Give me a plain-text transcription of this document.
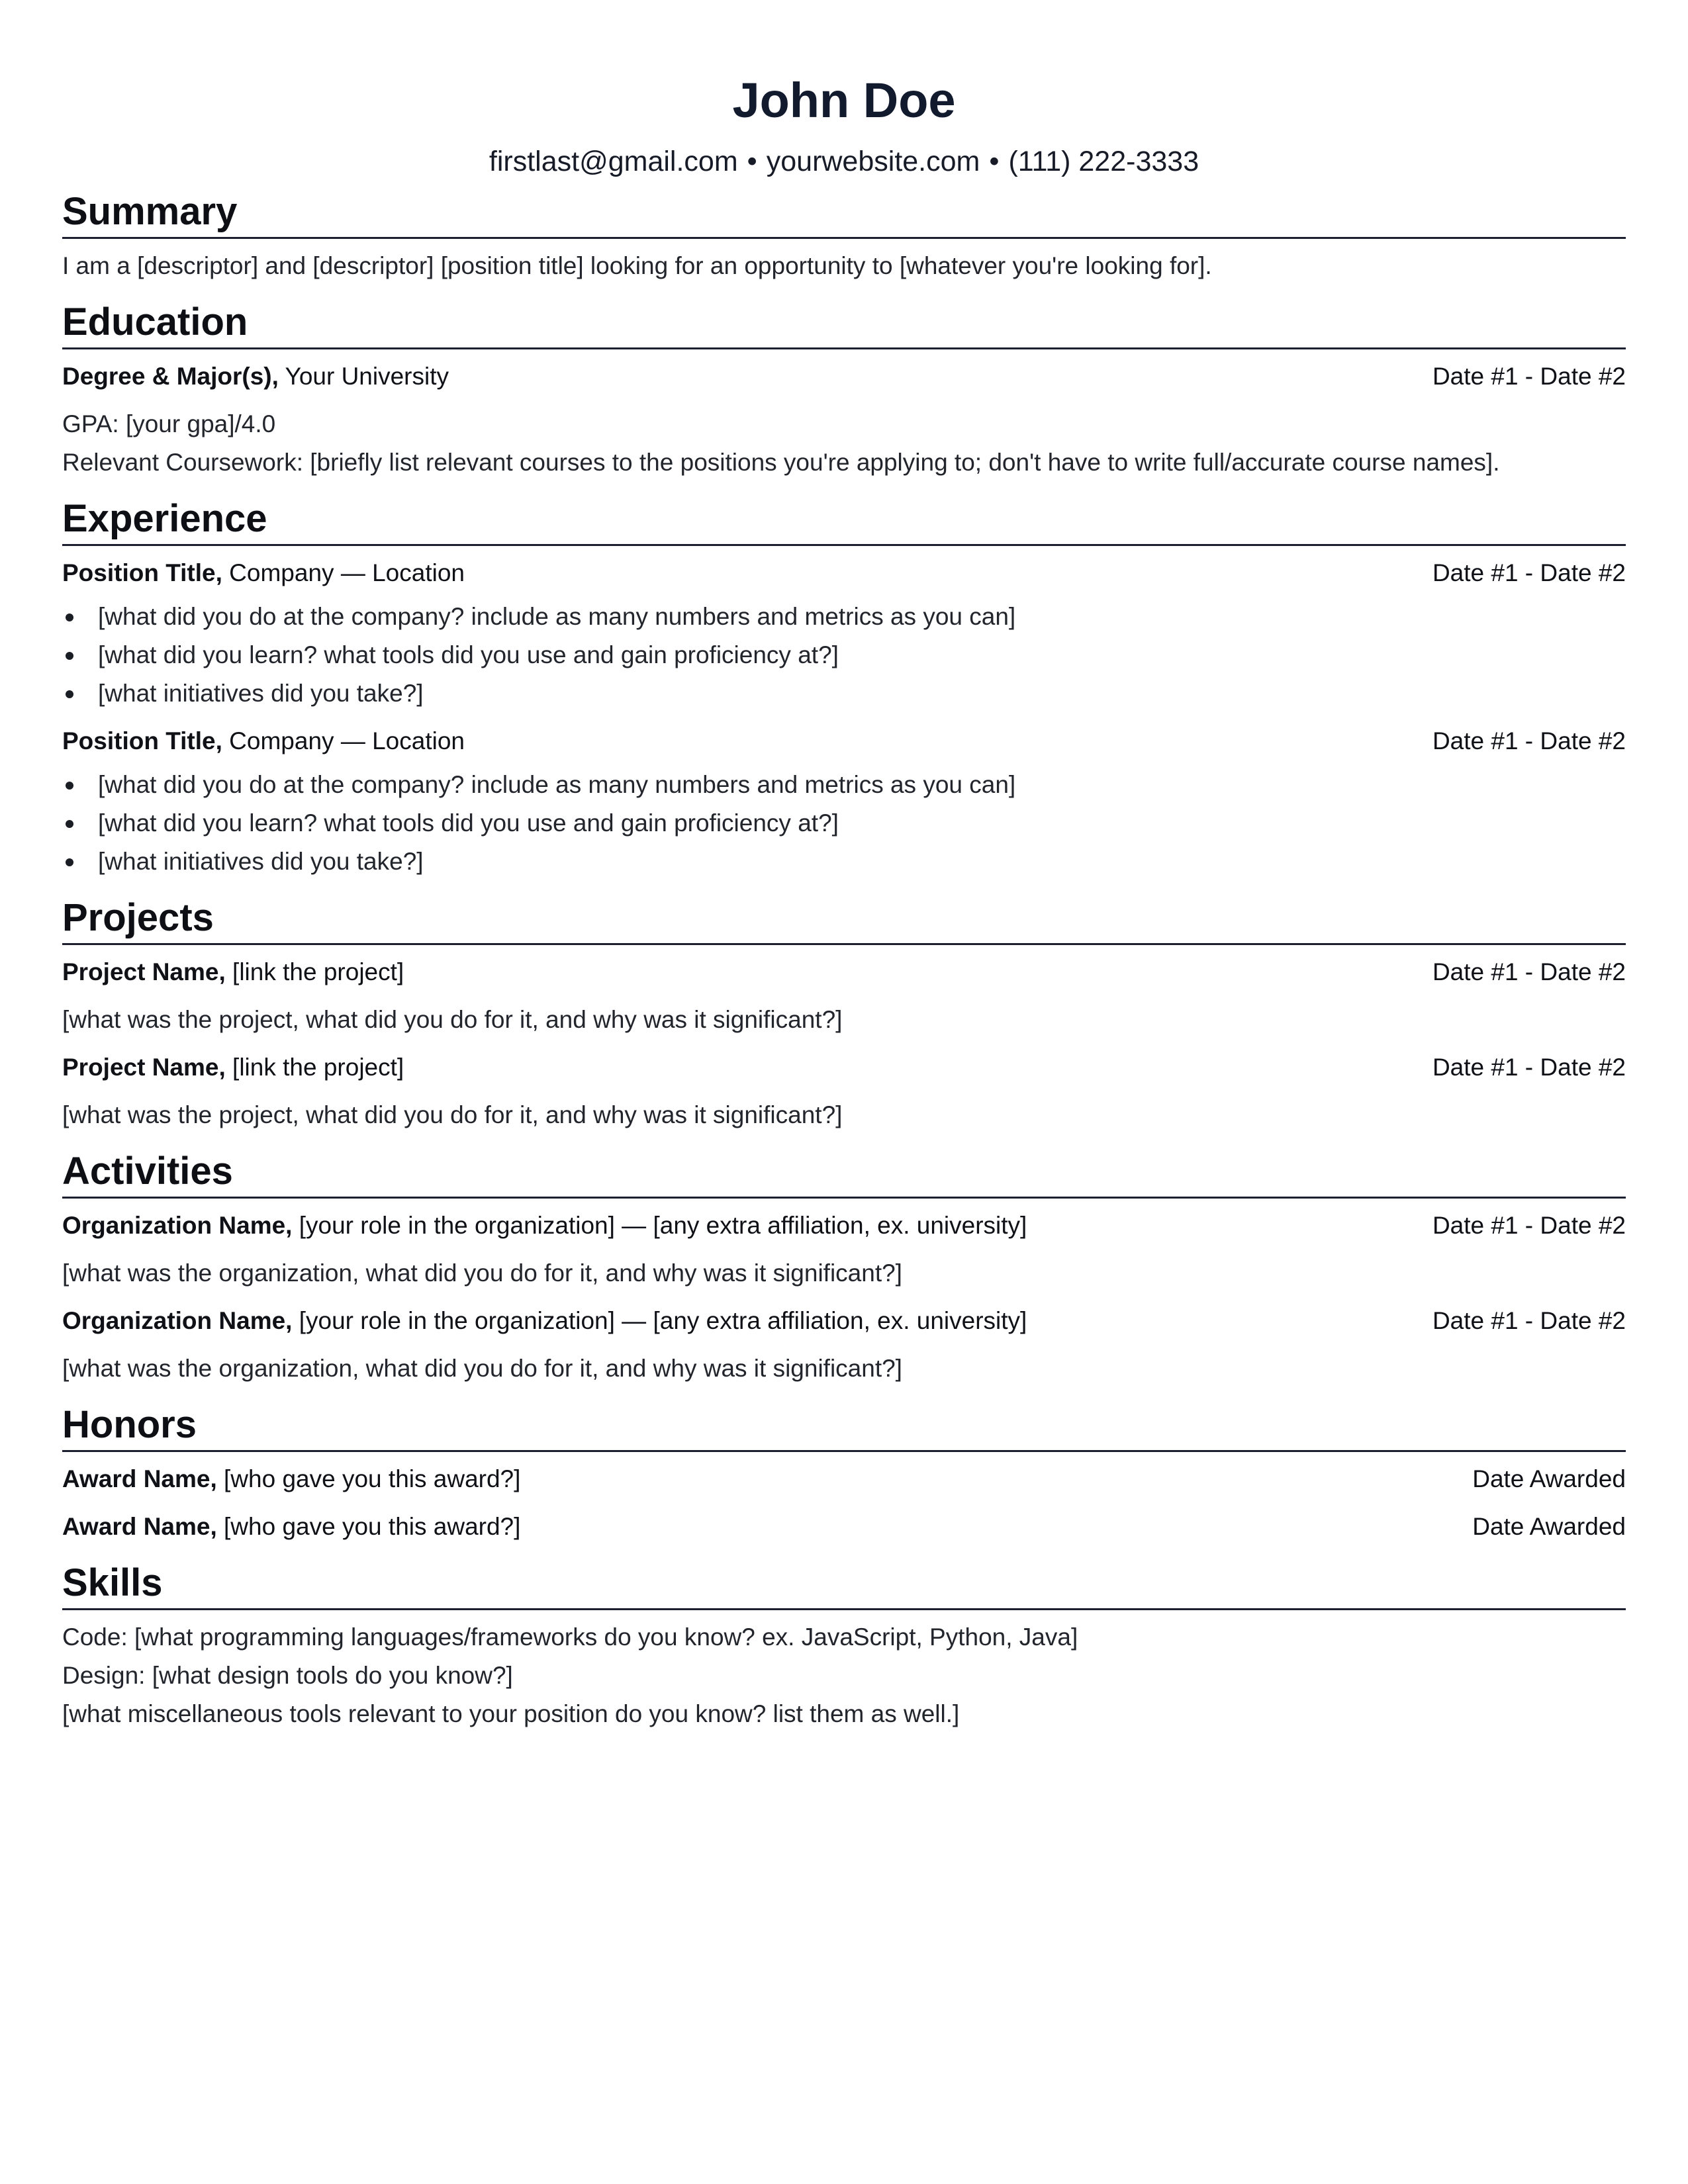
John Doe
firstlast@gmail.com • yourwebsite.com • (111) 222-3333
Summary

I am a [descriptor] and [descriptor] [position title] looking for an opportunity to [whatever you're looking for].

Education
Degree & Major(s), Your University	Date #1 - Date #2

GPA: [your gpa]/4.0

Relevant Coursework: [briefly list relevant courses to the positions you're applying to; don't have to write full/accurate course names].

Experience
Position Title, Company — Location	Date #1 - Date #2
[what did you do at the company? include as many numbers and metrics as you can]
[what did you learn? what tools did you use and gain proficiency at?]
[what initiatives did you take?]
Position Title, Company — Location	Date #1 - Date #2
[what did you do at the company? include as many numbers and metrics as you can]
[what did you learn? what tools did you use and gain proficiency at?]
[what initiatives did you take?]
Projects
Project Name, [link the project]	Date #1 - Date #2

[what was the project, what did you do for it, and why was it significant?]

Project Name, [link the project]	Date #1 - Date #2

[what was the project, what did you do for it, and why was it significant?]

Activities
Organization Name, [your role in the organization] — [any extra affiliation, ex. university]	Date #1 - Date #2

[what was the organization, what did you do for it, and why was it significant?]

Organization Name, [your role in the organization] — [any extra affiliation, ex. university]	Date #1 - Date #2

[what was the organization, what did you do for it, and why was it significant?]

Honors
Award Name, [who gave you this award?]	Date Awarded
Award Name, [who gave you this award?]	Date Awarded
Skills

Code: [what programming languages/frameworks do you know? ex. JavaScript, Python, Java]

Design: [what design tools do you know?]

[what miscellaneous tools relevant to your position do you know? list them as well.]
